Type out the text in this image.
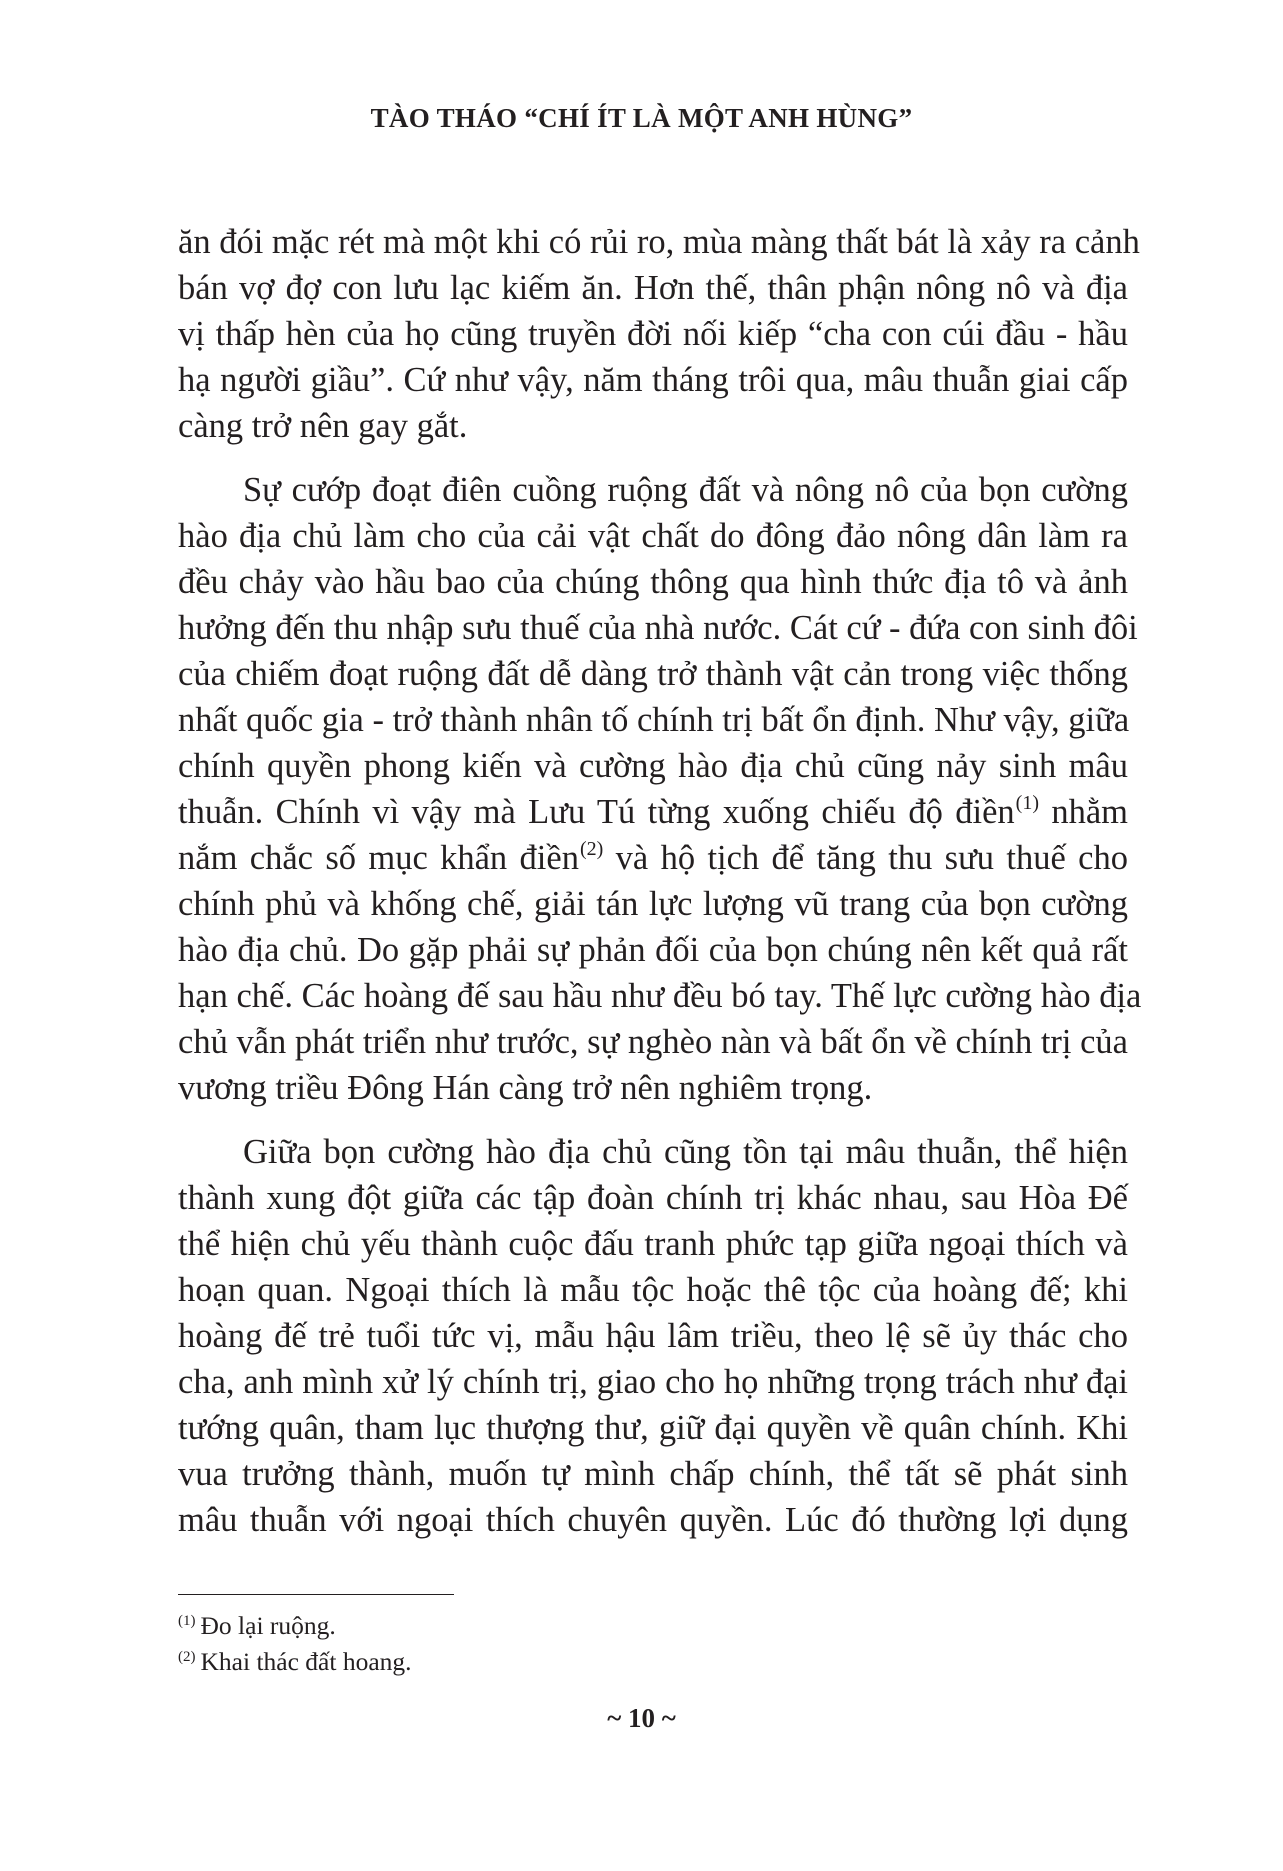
TÀO THÁO “CHÍ ÍT LÀ MỘT ANH HÙNG”
ăn đói mặc rét mà một khi có rủi ro, mùa màng thất bát là xảy ra cảnh
bán vợ đợ con lưu lạc kiếm ăn. Hơn thế, thân phận nông nô và địa
vị thấp hèn của họ cũng truyền đời nối kiếp “cha con cúi đầu - hầu
hạ người giầu”. Cứ như vậy, năm tháng trôi qua, mâu thuẫn giai cấp
càng trở nên gay gắt.
Sự cướp đoạt điên cuồng ruộng đất và nông nô của bọn cường
hào địa chủ làm cho của cải vật chất do đông đảo nông dân làm ra
đều chảy vào hầu bao của chúng thông qua hình thức địa tô và ảnh
hưởng đến thu nhập sưu thuế của nhà nước. Cát cứ - đứa con sinh đôi
của chiếm đoạt ruộng đất dễ dàng trở thành vật cản trong việc thống
nhất quốc gia - trở thành nhân tố chính trị bất ổn định. Như vậy, giữa
chính quyền phong kiến và cường hào địa chủ cũng nảy sinh mâu
thuẫn. Chính vì vậy mà Lưu Tú từng xuống chiếu độ điền$^{(1)}$ nhằm
nắm chắc số mục khẩn điền$^{(2)}$ và hộ tịch để tăng thu sưu thuế cho
chính phủ và khống chế, giải tán lực lượng vũ trang của bọn cường
hào địa chủ. Do gặp phải sự phản đối của bọn chúng nên kết quả rất
hạn chế. Các hoàng đế sau hầu như đều bó tay. Thế lực cường hào địa
chủ vẫn phát triển như trước, sự nghèo nàn và bất ổn về chính trị của
vương triều Đông Hán càng trở nên nghiêm trọng.
Giữa bọn cường hào địa chủ cũng tồn tại mâu thuẫn, thể hiện
thành xung đột giữa các tập đoàn chính trị khác nhau, sau Hòa Đế
thể hiện chủ yếu thành cuộc đấu tranh phức tạp giữa ngoại thích và
hoạn quan. Ngoại thích là mẫu tộc hoặc thê tộc của hoàng đế; khi
hoàng đế trẻ tuổi tức vị, mẫu hậu lâm triều, theo lệ sẽ ủy thác cho
cha, anh mình xử lý chính trị, giao cho họ những trọng trách như đại
tướng quân, tham lục thượng thư, giữ đại quyền về quân chính. Khi
vua trưởng thành, muốn tự mình chấp chính, thể tất sẽ phát sinh
mâu thuẫn với ngoại thích chuyên quyền. Lúc đó thường lợi dụng
$^{(1)}$ Đo lại ruộng.
$^{(2)}$ Khai thác đất hoang.
~ 10 ~
